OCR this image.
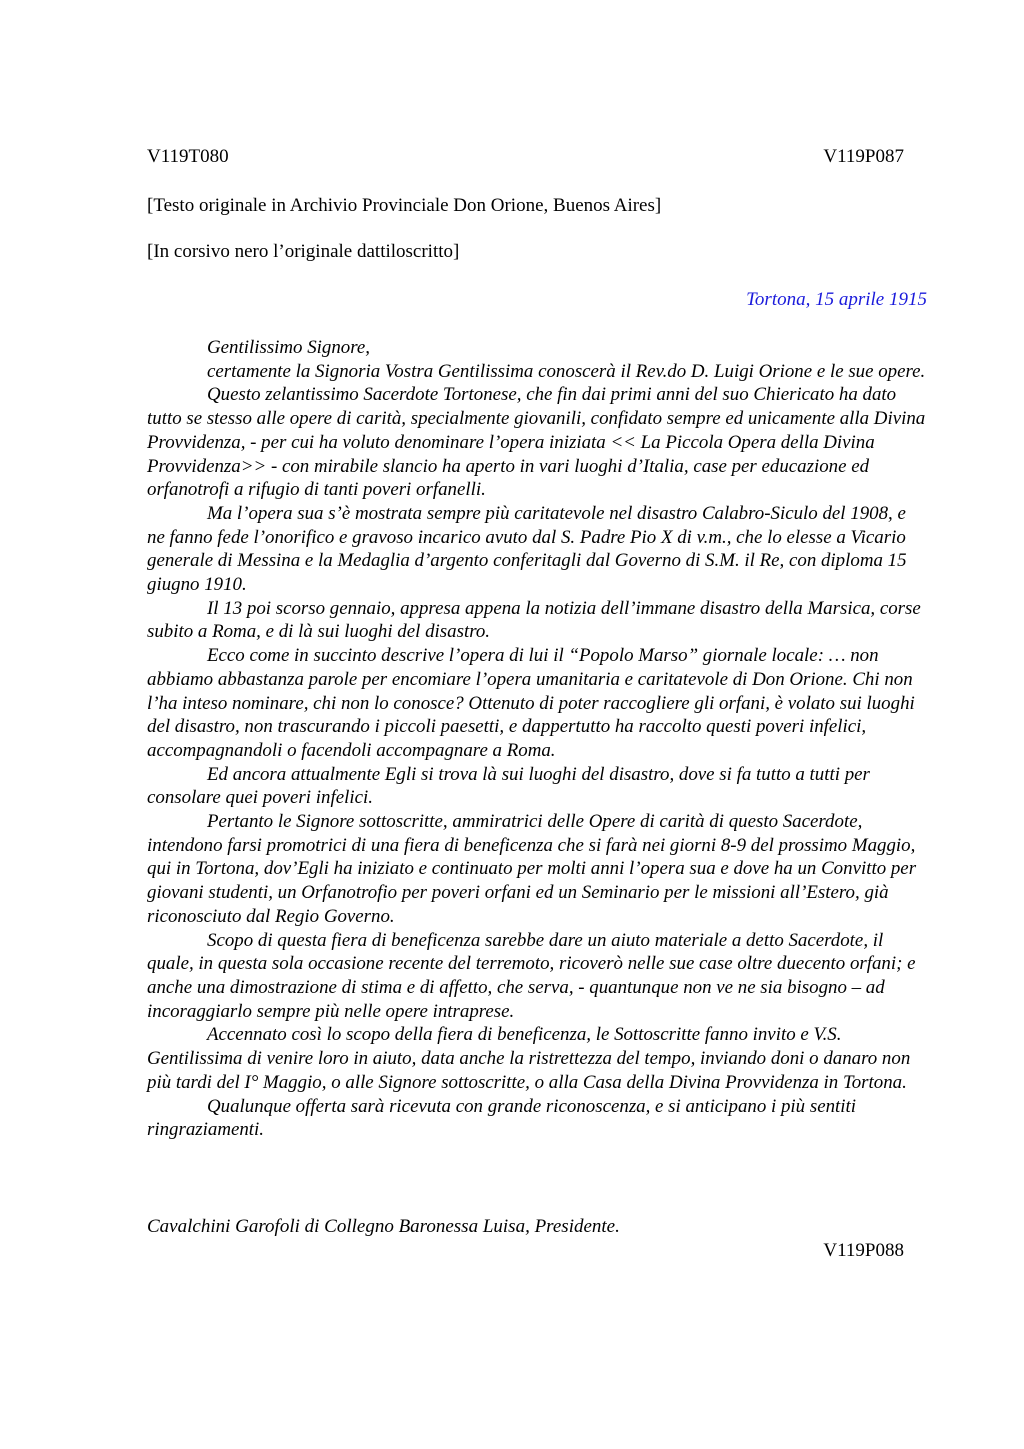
V119T080	V119P087
[Testo originale in Archivio Provinciale Don Orione, Buenos Aires]
[In corsivo nero l’originale dattiloscritto]
Tortona, 15 aprile 1915

Gentilissimo Signore,

certamente la Signoria Vostra Gentilissima conoscerà il Rev.do D. Luigi Orione e le sue opere.

Questo zelantissimo Sacerdote Tortonese, che fin dai primi anni del suo Chiericato ha dato tutto se stesso alle opere di carità, specialmente giovanili, confidato sempre ed unicamente alla Divina Provvidenza, - per cui ha voluto denominare l’opera iniziata << La Piccola Opera della Divina Provvidenza>> - con mirabile slancio ha aperto in vari luoghi d’Italia, case per educazione ed orfanotrofi a rifugio di tanti poveri orfanelli.

Ma l’opera sua s’è mostrata sempre più caritatevole nel disastro Calabro-Siculo del 1908, e ne fanno fede l’onorifico e gravoso incarico avuto dal S. Padre Pio X di v.m., che lo elesse a Vicario generale di Messina e la Medaglia d’argento conferitagli dal Governo di S.M. il Re, con diploma 15 giugno 1910.

Il 13 poi scorso gennaio, appresa appena la notizia dell’immane disastro della Marsica, corse subito a Roma, e di là sui luoghi del disastro.

Ecco come in succinto descrive l’opera di lui il “Popolo Marso” giornale locale: … non abbiamo abbastanza parole per encomiare l’opera umanitaria e caritatevole di Don Orione. Chi non l’ha inteso nominare, chi non lo conosce? Ottenuto di poter raccogliere gli orfani, è volato sui luoghi del disastro, non trascurando i piccoli paesetti, e dappertutto ha raccolto questi poveri infelici, accompagnandoli o facendoli accompagnare a Roma.

Ed ancora attualmente Egli si trova là sui luoghi del disastro, dove si fa tutto a tutti per consolare quei poveri infelici.

Pertanto le Signore sottoscritte, ammiratrici delle Opere di carità di questo Sacerdote, intendono farsi promotrici di una fiera di beneficenza che si farà nei giorni 8-9 del prossimo Maggio, qui in Tortona, dov’Egli ha iniziato e continuato per molti anni l’opera sua e dove ha un Convitto per giovani studenti, un Orfanotrofio per poveri orfani ed un Seminario per le missioni all’Estero, già riconosciuto dal Regio Governo.

Scopo di questa fiera di beneficenza sarebbe dare un aiuto materiale a detto Sacerdote, il quale, in questa sola occasione recente del terremoto, ricoverò nelle sue case oltre duecento orfani; e anche una dimostrazione di stima e di affetto, che serva, - quantunque non ve ne sia bisogno – ad incoraggiarlo sempre più nelle opere intraprese.

Accennato così lo scopo della fiera di beneficenza, le Sottoscritte fanno invito e V.S. Gentilissima di venire loro in aiuto, data anche la ristrettezza del tempo, inviando doni o danaro non più tardi del I° Maggio, o alle Signore sottoscritte, o alla Casa della Divina Provvidenza in Tortona.

Qualunque offerta sarà ricevuta con grande riconoscenza, e si anticipano i più sentiti ringraziamenti.

Cavalchini Garofoli di Collegno Baronessa Luisa, Presidente.
V119P088
